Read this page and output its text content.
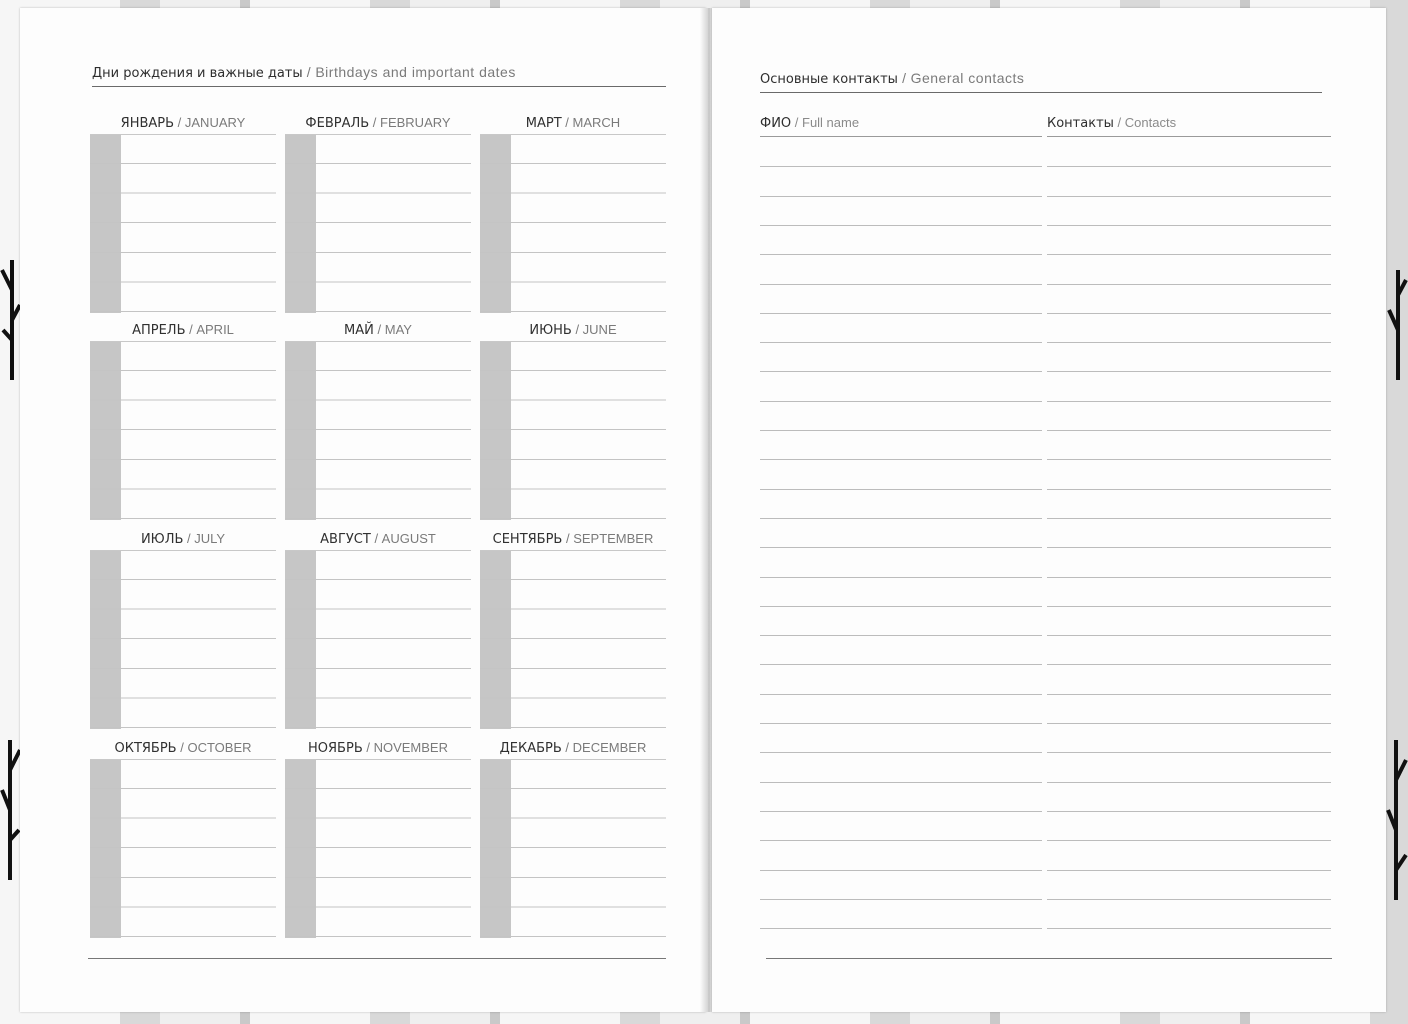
Дни рождения и важные даты / Birthdays and important dates
ЯНВАРЬ / JANUARY	ФЕВРАЛЬ / FEBRUARY	МАРТ / MARCH
АПРЕЛЬ / APRIL	МАЙ / MAY	ИЮНЬ / JUNE
ИЮЛЬ / JULY	АВГУСТ / AUGUST	СЕНТЯБРЬ / SEPTEMBER
ОКТЯБРЬ / OCTOBER	НОЯБРЬ / NOVEMBER	ДЕКАБРЬ / DECEMBER
Основные контакты / General contacts
ФИО / Full name	Контакты / Contacts
